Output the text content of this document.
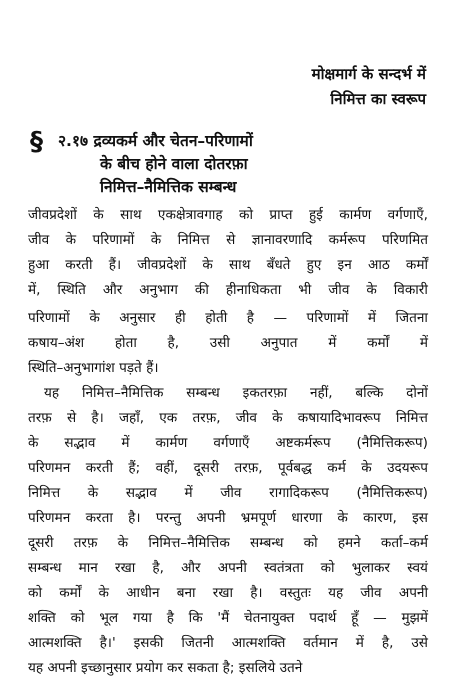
मोक्षमार्ग के सन्दर्भ में
निमित्त का स्वरूप
§ २.१७ द्रव्यकर्म और चेतन–परिणामों
के बीच होने वाला दोतरफ़ा
निमित्त–नैमित्तिक सम्बन्ध
जीवप्रदेशों के साथ एकक्षेत्रावगाह को प्राप्त हुई कार्मण वर्गणाएँ,
जीव के परिणामों के निमित्त से ज्ञानावरणादि कर्मरूप परिणमित
हुआ करती हैं। जीवप्रदेशों के साथ बँधते हुए इन आठ कर्मों
में, स्थिति और अनुभाग की हीनाधिकता भी जीव के विकारी
परिणामों के अनुसार ही होती है — परिणामों में जितना
कषाय–अंश होता है, उसी अनुपात में कर्मों में
स्थिति–अनुभागांश पड़ते हैं।
यह निमित्त–नैमित्तिक सम्बन्ध इकतरफ़ा नहीं, बल्कि दोनों
तरफ़ से है। जहाँ, एक तरफ़, जीव के कषायादिभावरूप निमित्त
के सद्भाव में कार्मण वर्गणाएँ अष्टकर्मरूप (नैमित्तिकरूप)
परिणमन करती हैं; वहीं, दूसरी तरफ़, पूर्वबद्ध कर्म के उदयरूप
निमित्त के सद्भाव में जीव रागादिकरूप (नैमित्तिकरूप)
परिणमन करता है। परन्तु अपनी भ्रमपूर्ण धारणा के कारण, इस
दूसरी तरफ़ के निमित्त–नैमित्तिक सम्बन्ध को हमने कर्ता–कर्म
सम्बन्ध मान रखा है, और अपनी स्वतंत्रता को भुलाकर स्वयं
को कर्मों के आधीन बना रखा है। वस्तुतः यह जीव अपनी
शक्ति को भूल गया है कि 'मैं चेतनायुक्त पदार्थ हूँ — मुझमें
आत्मशक्ति है।' इसकी जितनी आत्मशक्ति वर्तमान में है, उसे
यह अपनी इच्छानुसार प्रयोग कर सकता है; इसलिये उतने
